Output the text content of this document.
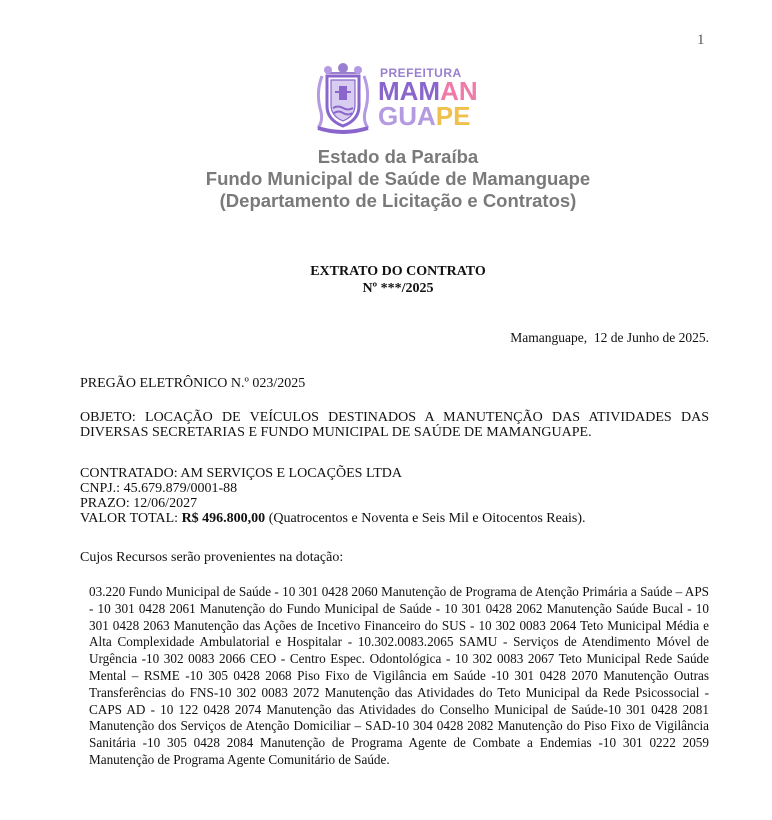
1
PREFEITURA
MAMAN
GUAPE
Estado da Paraíba
Fundo Municipal de Saúde de Mamanguape
(Departamento de Licitação e Contratos)
EXTRATO DO CONTRATO
Nº ***/2025
Mamanguape,  12 de Junho de 2025.
PREGÃO ELETRÔNICO N.º 023/2025
OBJETO: LOCAÇÃO DE VEÍCULOS DESTINADOS A MANUTENÇÃO DAS ATIVIDADES DAS DIVERSAS SECRETARIAS E FUNDO MUNICIPAL DE SAÚDE DE MAMANGUAPE.
CONTRATADO: AM SERVIÇOS E LOCAÇÕES LTDA
CNPJ.: 45.679.879/0001-88
PRAZO: 12/06/2027
VALOR TOTAL: R$ 496.800,00 (Quatrocentos e Noventa e Seis Mil e Oitocentos Reais).
Cujos Recursos serão provenientes na dotação:
03.220 Fundo Municipal de Saúde - 10 301 0428 2060 Manutenção de Programa de Atenção Primária a Saúde – APS - 10 301 0428 2061 Manutenção do Fundo Municipal de Saúde - 10 301 0428 2062 Manutenção Saúde Bucal - 10 301 0428 2063 Manutenção das Ações de Incetivo Financeiro do SUS - 10 302 0083 2064 Teto Municipal Média e Alta Complexidade Ambulatorial e Hospitalar - 10.302.0083.2065 SAMU - Serviços de Atendimento Móvel de Urgência -10 302 0083 2066 CEO - Centro Espec. Odontológica - 10 302 0083 2067 Teto Municipal Rede Saúde Mental – RSME -10 305 0428 2068 Piso Fixo de Vigilância em Saúde -10 301 0428 2070 Manutenção Outras Transferências do FNS-10 302 0083 2072 Manutenção das Atividades do Teto Municipal da Rede Psicossocial - CAPS AD - 10 122 0428 2074 Manutenção das Atividades do Conselho Municipal de Saúde-10 301 0428 2081 Manutenção dos Serviços de Atenção Domiciliar – SAD-10 304 0428 2082 Manutenção do Piso Fixo de Vigilância Sanitária -10 305 0428 2084 Manutenção de Programa Agente de Combate a Endemias -10 301 0222 2059 Manutenção de Programa Agente Comunitário de Saúde.
